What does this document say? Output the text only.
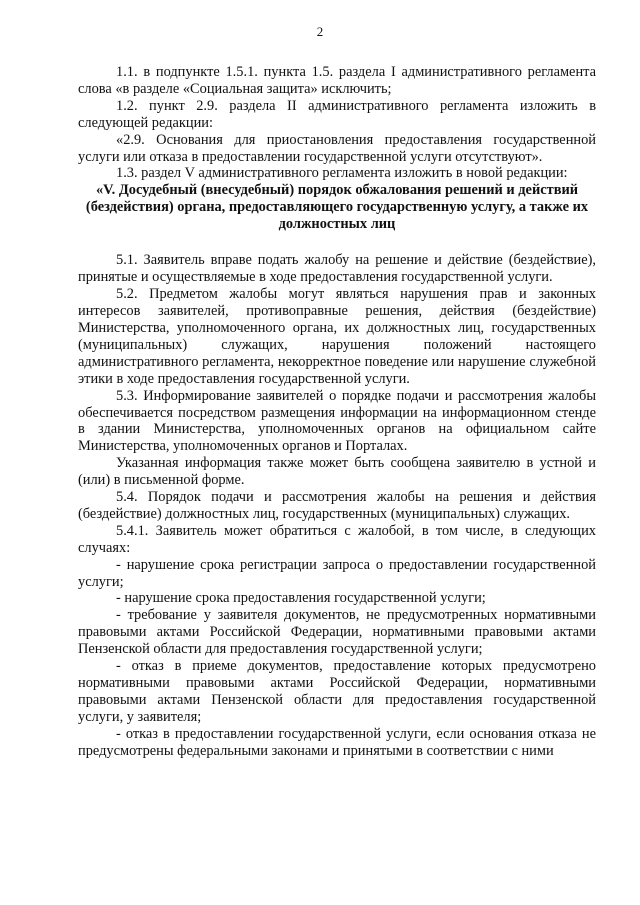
2

1.1. в подпункте 1.5.1. пункта 1.5. раздела I административного регламента слова «в разделе «Социальная защита» исключить;

1.2. пункт 2.9. раздела II административного регламента изложить в следующей редакции:

«2.9. Основания для приостановления предоставления государственной услуги или отказа в предоставлении государственной услуги отсутствуют».

1.3. раздел V административного регламента изложить в новой редакции:

«V. Досудебный (внесудебный) порядок обжалования решений и действий (бездействия) органа, предоставляющего государственную услугу, а также их должностных лиц

5.1. Заявитель вправе подать жалобу на решение и действие (бездействие), принятые и осуществляемые в ходе предоставления государственной услуги.

5.2. Предметом жалобы могут являться нарушения прав и законных интересов заявителей, противоправные решения, действия (бездействие) Министерства, уполномоченного органа, их должностных лиц, государственных (муниципальных) служащих, нарушения положений настоящего административного регламента, некорректное поведение или нарушение служебной этики в ходе предоставления государственной услуги.

5.3. Информирование заявителей о порядке подачи и рассмотрения жалобы обеспечивается посредством размещения информации на информационном стенде в здании Министерства, уполномоченных органов на официальном сайте Министерства, уполномоченных органов и Порталах.

Указанная информация также может быть сообщена заявителю в устной и (или) в письменной форме.

5.4. Порядок подачи и рассмотрения жалобы на решения и действия (бездействие) должностных лиц, государственных (муниципальных) служащих.

5.4.1. Заявитель может обратиться с жалобой, в том числе, в следующих случаях:

- нарушение срока регистрации запроса о предоставлении государственной услуги;

- нарушение срока предоставления государственной услуги;

- требование у заявителя документов, не предусмотренных нормативными правовыми актами Российской Федерации, нормативными правовыми актами Пензенской области для предоставления государственной услуги;

- отказ в приеме документов, предоставление которых предусмотрено нормативными правовыми актами Российской Федерации, нормативными правовыми актами Пензенской области для предоставления государственной услуги, у заявителя;

- отказ в предоставлении государственной услуги, если основания отказа не предусмотрены федеральными законами и принятыми в соответствии с ними
